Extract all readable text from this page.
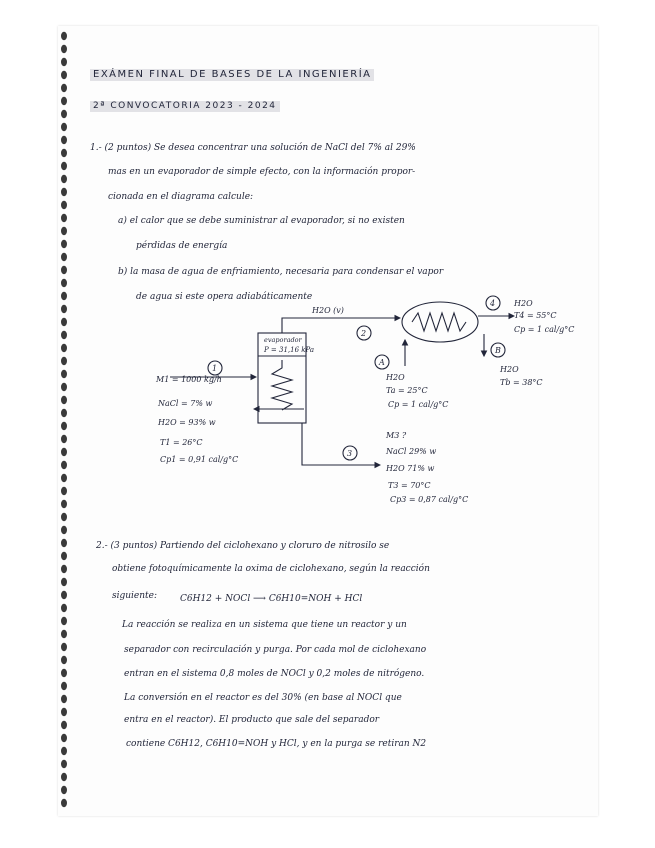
EXÁMEN FINAL DE BASES DE LA INGENIERÍA
2ª CONVOCATORIA 2023 - 2024
1.- (2 puntos) Se desea concentrar una solución de NaCl del 7% al 29%
mas en un evaporador de simple efecto, con la información propor-
cionada en el diagrama calcule:
a) el calor que se debe suministrar al evaporador, si no existen
pérdidas de energía
b) la masa de agua de enfriamiento, necesaria para condensar el vapor
de agua si este opera adiabáticamente
evaporador
P = 31,16 kPa
1
2
3
4
A
B
H2O (v)
M1 = 1000 kg/h
NaCl = 7% w
H2O = 93% w
T1 = 26°C
Cp1 = 0,91 cal/g°C
M3 ?
NaCl 29% w
H2O 71% w
T3 = 70°C
Cp3 = 0,87 cal/g°C
H2O
T4 = 55°C
Cp = 1 cal/g°C
H2O
Ta = 25°C
Cp = 1 cal/g°C
H2O
Tb = 38°C
2.- (3 puntos) Partiendo del ciclohexano y cloruro de nitrosilo se
obtiene fotoquímicamente la oxima de ciclohexano, según la reacción
siguiente:	C6H12 + NOCl ⟶ C6H10=NOH + HCl
La reacción se realiza en un sistema que tiene un reactor y un
separador con recirculación y purga. Por cada mol de ciclohexano
entran en el sistema 0,8 moles de NOCl y 0,2 moles de nitrógeno.
La conversión en el reactor es del 30% (en base al NOCl que
entra en el reactor). El producto que sale del separador
contiene C6H12, C6H10=NOH y HCl, y en la purga se retiran N2
